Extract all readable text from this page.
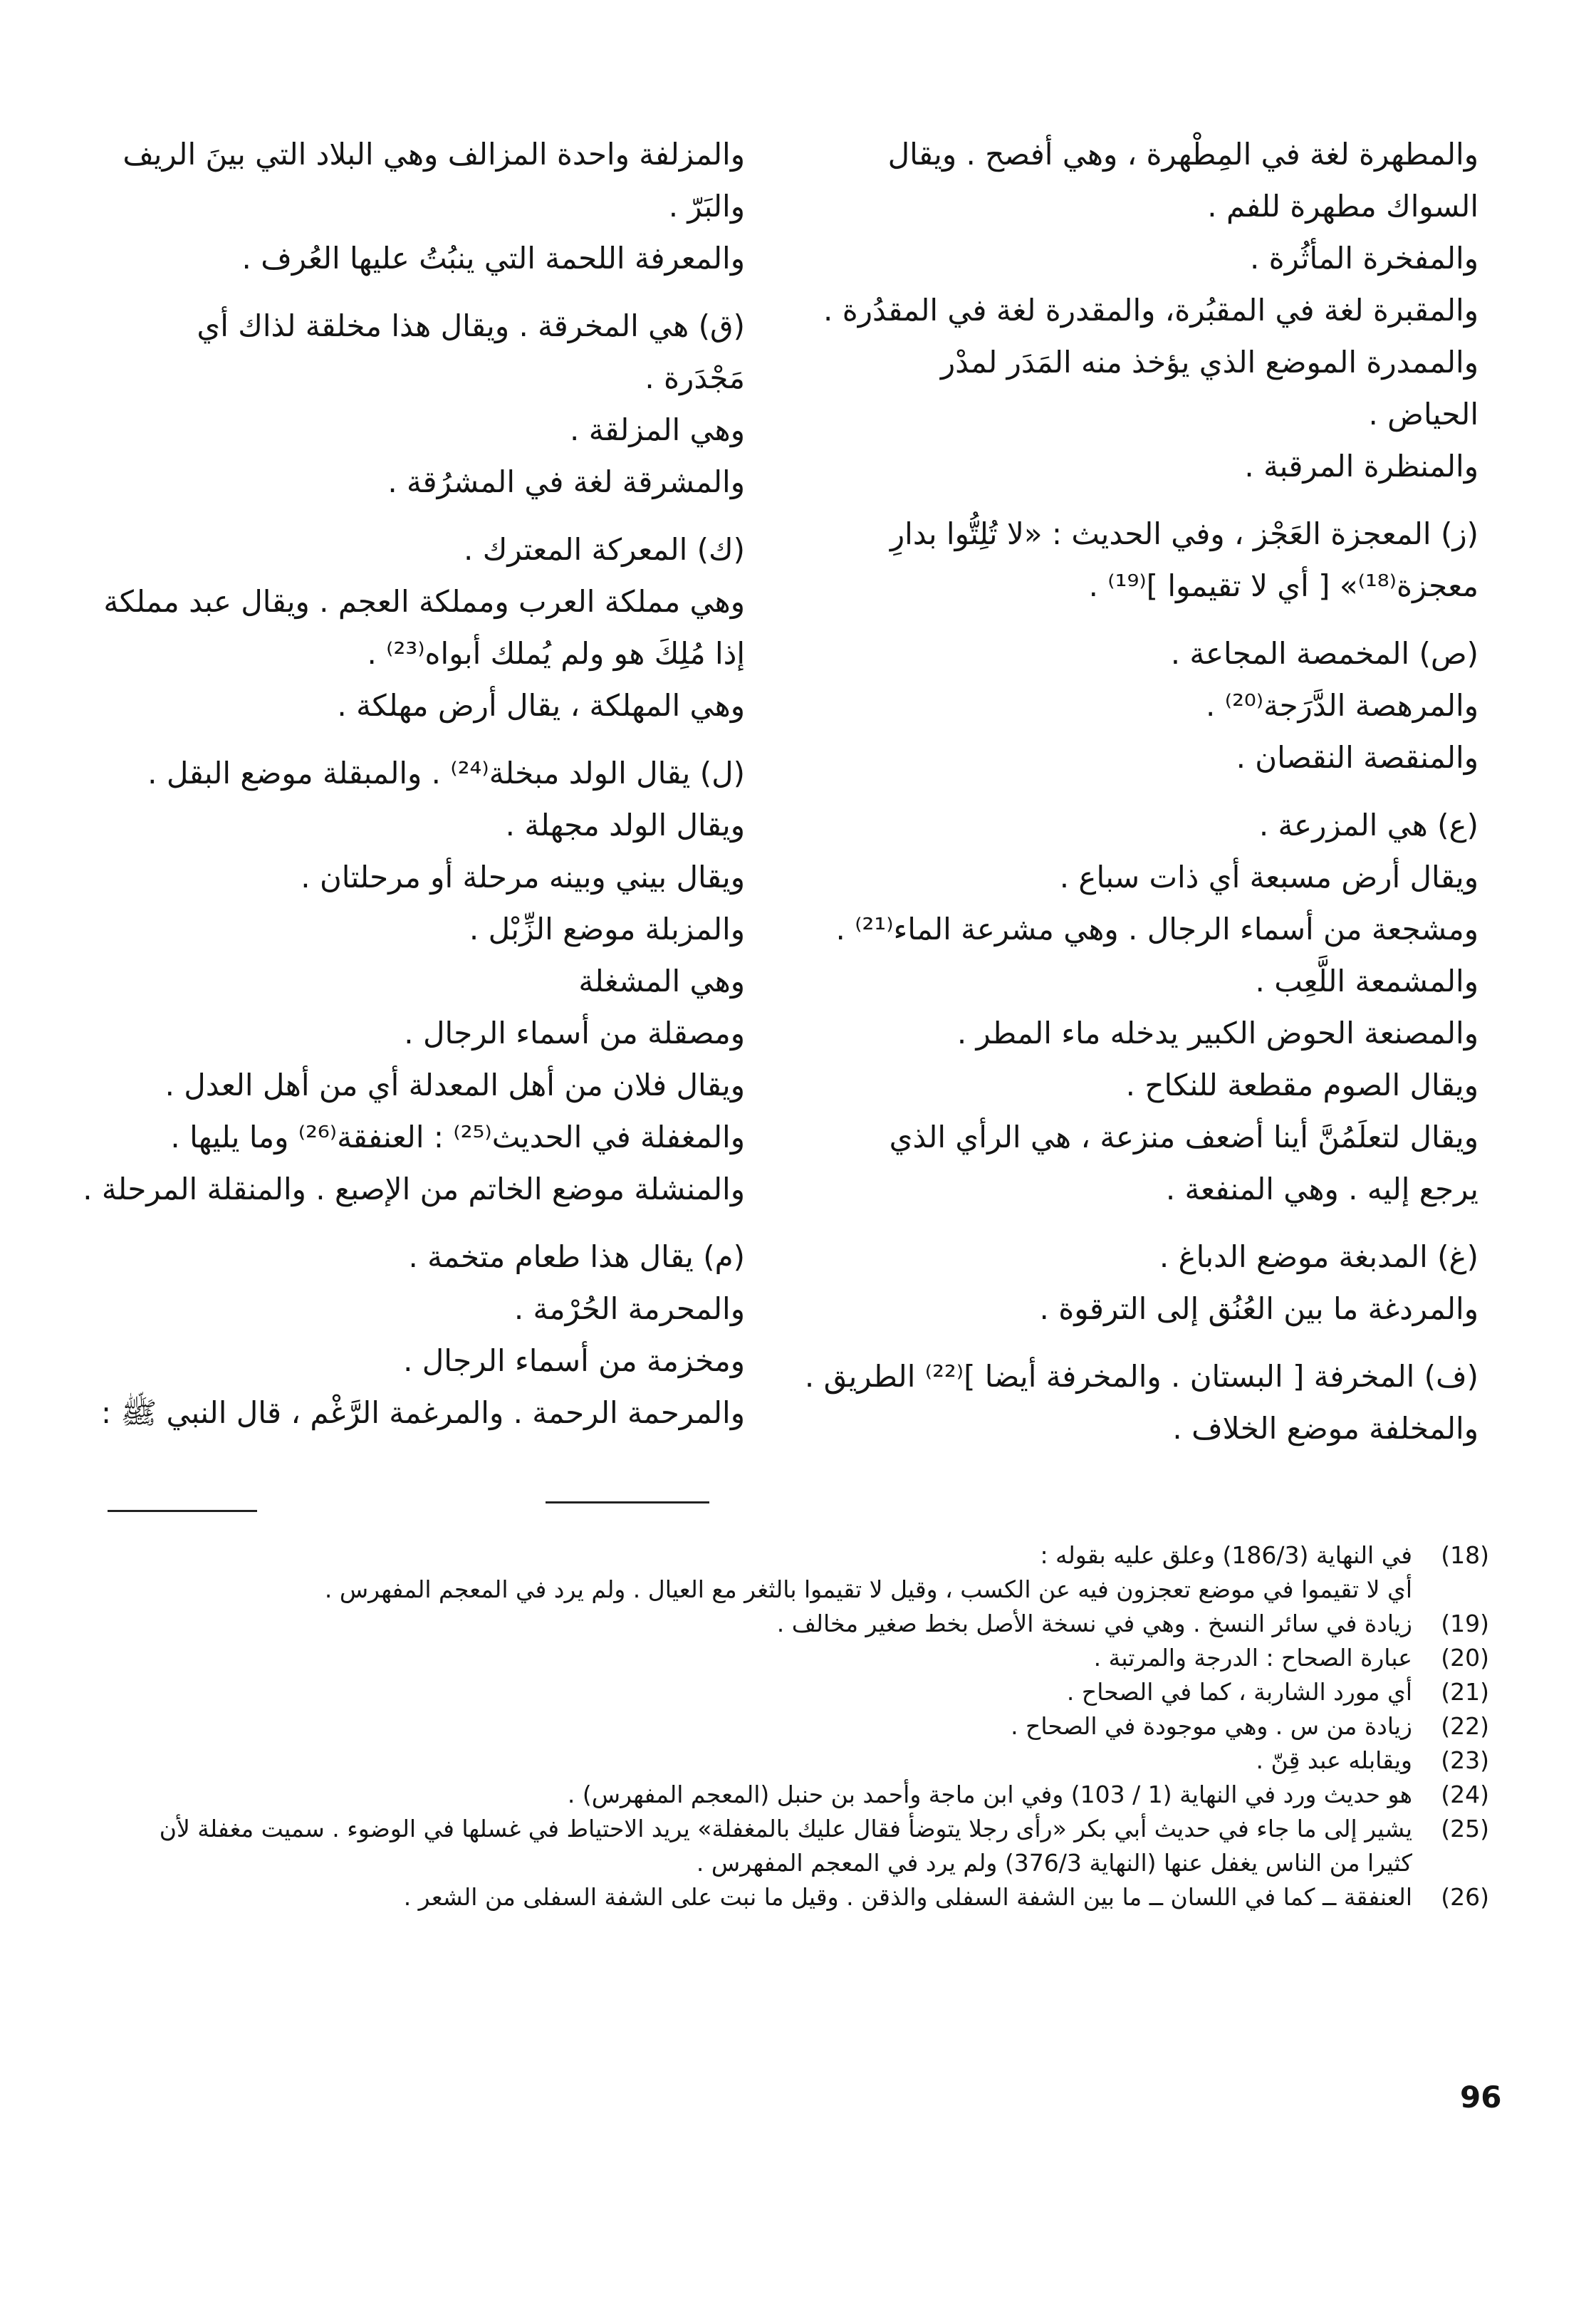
والمطهرة لغة في المِطْهرة ، وهي أفصح . ويقال
السواك مطهرة للفم .
والمفخرة المأثُرة .
والمقبرة لغة في المقبُرة، والمقدرة لغة في المقدُرة .
والممدرة الموضع الذي يؤخذ منه المَدَر لمدْر
الحياض .
والمنظرة المرقبة .
(ز) المعجزة العَجْز ، وفي الحديث : «لا تُلِتُّوا بدارِ
معجزة⁽¹⁸⁾» [ أي لا تقيموا ]⁽¹⁹⁾ .
(ص) المخمصة المجاعة .
والمرهصة الدَّرَجة⁽²⁰⁾ .
والمنقصة النقصان .
(ع) هي المزرعة .
ويقال أرض مسبعة أي ذات سباع .
ومشجعة من أسماء الرجال . وهي مشرعة الماء⁽²¹⁾ .
والمشمعة اللَّعِب .
والمصنعة الحوض الكبير يدخله ماء المطر .
ويقال الصوم مقطعة للنكاح .
ويقال لتعلَمُنَّ أينا أضعف منزعة ، هي الرأي الذي
يرجع إليه . وهي المنفعة .
(غ) المدبغة موضع الدباغ .
والمردغة ما بين العُنُق إلى الترقوة .
(ف) المخرفة [ البستان . والمخرفة أيضا ]⁽²²⁾ الطريق .
والمخلفة موضع الخلاف .
والمزلفة واحدة المزالف وهي البلاد التي بينَ الريف
والبَرّ .
والمعرفة اللحمة التي ينبُتُ عليها العُرف .
(ق) هي المخرقة . ويقال هذا مخلقة لذاك أي
مَجْدَرة .
وهي المزلقة .
والمشرقة لغة في المشرُقة .
(ك) المعركة المعترك .
وهي مملكة العرب ومملكة العجم . ويقال عبد مملكة
إذا مُلِكَ هو ولم يُملك أبواه⁽²³⁾ .
وهي المهلكة ، يقال أرض مهلكة .
(ل) يقال الولد مبخلة⁽²⁴⁾ . والمبقلة موضع البقل .
ويقال الولد مجهلة .
ويقال بيني وبينه مرحلة أو مرحلتان .
والمزبلة موضع الزِّبْل .
وهي المشغلة
ومصقلة من أسماء الرجال .
ويقال فلان من أهل المعدلة أي من أهل العدل .
والمغفلة في الحديث⁽²⁵⁾ : العنفقة⁽²⁶⁾ وما يليها .
والمنشلة موضع الخاتم من الإصبع . والمنقلة المرحلة .
(م) يقال هذا طعام متخمة .
والمحرمة الحُرْمة .
ومخزمة من أسماء الرجال .
والمرحمة الرحمة . والمرغمة الرَّغْم ، قال النبي ﷺ :
(18)في النهاية (186/3) وعلق عليه بقوله :
أي لا تقيموا في موضع تعجزون فيه عن الكسب ، وقيل لا تقيموا بالثغر مع العيال . ولم يرد في المعجم المفهرس .
(19)زيادة في سائر النسخ . وهي في نسخة الأصل بخط صغير مخالف .
(20)عبارة الصحاح : الدرجة والمرتبة .
(21)أي مورد الشاربة ، كما في الصحاح .
(22)زيادة من س . وهي موجودة في الصحاح .
(23)ويقابله عبد قِنّ .
(24)هو حديث ورد في النهاية (1 / 103) وفي ابن ماجة وأحمد بن حنبل (المعجم المفهرس) .
(25)يشير إلى ما جاء في حديث أبي بكر «رأى رجلا يتوضأ فقال عليك بالمغفلة» يريد الاحتياط في غسلها في الوضوء . سميت مغفلة لأن
كثيرا من الناس يغفل عنها (النهاية 376/3) ولم يرد في المعجم المفهرس .
(26)العنفقة ــ كما في اللسان ــ ما بين الشفة السفلى والذقن . وقيل ما نبت على الشفة السفلى من الشعر .
96
